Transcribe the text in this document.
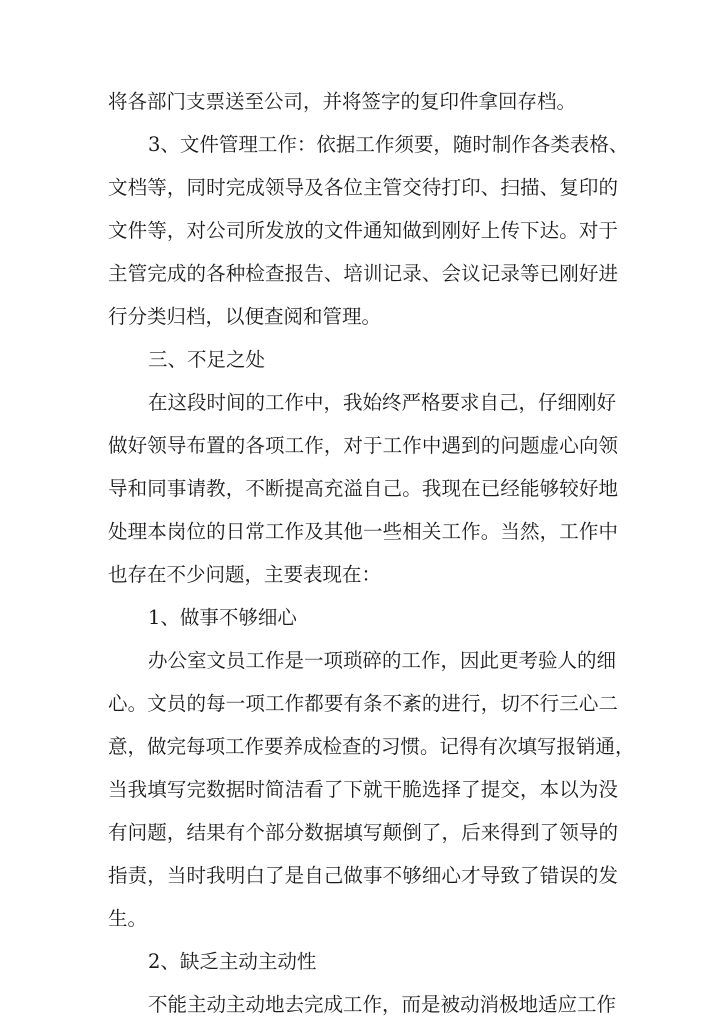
将各部门支票送至公司，并将签字的复印件拿回存档。
3、文件管理工作：依据工作须要，随时制作各类表格、
文档等，同时完成领导及各位主管交待打印、扫描、复印的
文件等，对公司所发放的文件通知做到刚好上传下达。对于
主管完成的各种检查报告、培训记录、会议记录等已刚好进
行分类归档，以便查阅和管理。
三、不足之处
在这段时间的工作中，我始终严格要求自己，仔细刚好
做好领导布置的各项工作，对于工作中遇到的问题虚心向领
导和同事请教，不断提高充溢自己。我现在已经能够较好地
处理本岗位的日常工作及其他一些相关工作。当然，工作中
也存在不少问题，主要表现在：
1、做事不够细心
办公室文员工作是一项琐碎的工作，因此更考验人的细
心。文员的每一项工作都要有条不紊的进行，切不行三心二
意，做完每项工作要养成检查的习惯。记得有次填写报销通，
当我填写完数据时简洁看了下就干脆选择了提交，本以为没
有问题，结果有个部分数据填写颠倒了，后来得到了领导的
指责，当时我明白了是自己做事不够细心才导致了错误的发
生。
2、缺乏主动主动性
不能主动主动地去完成工作，而是被动消极地适应工作
